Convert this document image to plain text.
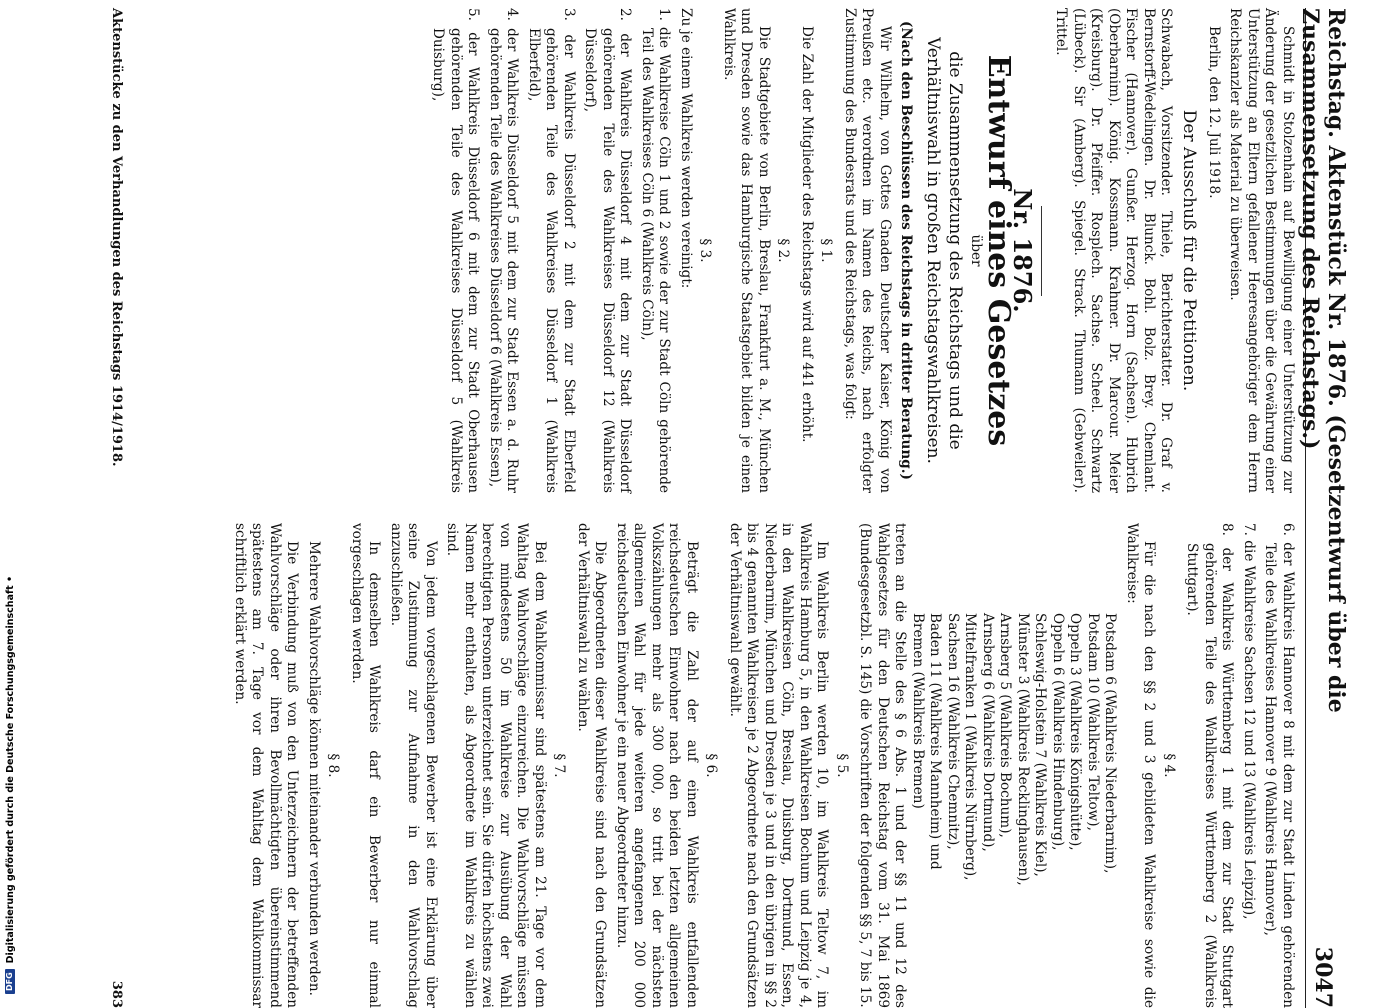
Reichstag. Aktenstück Nr. 1876. (Gesetzentwurf über die Zusammensetzung des Reichstags.)
3047

Schmidt in Stolzenhain auf Bewilligung einer Unterstützung zur Änderung der gesetzlichen Bestimmungen über die Gewährung einer Unterstützung an Eltern gefallener Heeresangehöriger dem Herrn Reichskanzler als Material zu überweisen.

Berlin, den 12. Juli 1918.

Der Ausschuß für die Petitionen.

Schwabach, Vorsitzender. Thiele, Berichterstatter. Dr. Graf v. Bernstorff-Wedelingen. Dr. Blunck. Bohl. Bolz. Brey. Chemlant. Fischer (Hannover). Gunßer. Herzog. Horn (Sachsen). Hubrich (Oberbarnim). König. Kossmann. Krahmer. Dr. Marcour. Meier (Kreisburg). Dr. Pfeiffer. Rosplech. Sachse. Scheel. Schwartz (Lübeck). Sir (Amberg). Spiegel. Strack. Thumann (Gebweiler). Trittel.

Nr. 1876.
Entwurf eines Gesetzes
über
die Zusammensetzung des Reichstags und die Verhältniswahl in großen Reichstagswahlkreisen.

(Nach den Beschlüssen des Reichstags in dritter Beratung.)

Wir Wilhelm, von Gottes Gnaden Deutscher Kaiser, König von Preußen etc. verordnen im Namen des Reichs, nach erfolgter Zustimmung des Bundesrats und des Reichstags, was folgt:

§ 1.

Die Zahl der Mitglieder des Reichstags wird auf 441 erhöht.

§ 2.

Die Stadtgebiete von Berlin, Breslau, Frankfurt a. M., München und Dresden sowie das Hamburgische Staatsgebiet bilden je einen Wahlkreis.

§ 3.

Zu je einem Wahlkreis werden vereinigt:

1. die Wahlkreise Cöln 1 und 2 sowie der zur Stadt Cöln gehörende Teil des Wahlkreises Cöln 6 (Wahlkreis Cöln),

2. der Wahlkreis Düsseldorf 4 mit dem zur Stadt Düsseldorf gehörenden Teile des Wahlkreises Düsseldorf 12 (Wahlkreis Düsseldorf),

3. der Wahlkreis Düsseldorf 2 mit dem zur Stadt Elberfeld gehörenden Teile des Wahlkreises Düsseldorf 1 (Wahlkreis Elberfeld),

4. der Wahlkreis Düsseldorf 5 mit dem zur Stadt Essen a. d. Ruhr gehörenden Teile des Wahlkreises Düsseldorf 6 (Wahlkreis Essen),

5. der Wahlkreis Düsseldorf 6 mit dem zur Stadt Oberhausen gehörenden Teile des Wahlkreises Düsseldorf 5 (Wahlkreis Duisburg),

6. der Wahlkreis Hannover 8 mit dem zur Stadt Linden gehörenden Teile des Wahlkreises Hannover 9 (Wahlkreis Hannover),

7. die Wahlkreise Sachsen 12 und 13 (Wahlkreis Leipzig),

8. der Wahlkreis Württemberg 1 mit dem zur Stadt Stuttgart gehörenden Teile des Wahlkreises Württemberg 2 (Wahlkreis Stuttgart).

§ 4.

Für die nach den §§ 2 und 3 gebildeten Wahlkreise sowie die Wahlkreise:

Potsdam 6 (Wahlkreis Niederbarnim),
Potsdam 10 (Wahlkreis Teltow),
Oppeln 3 (Wahlkreis Königshütte),
Oppeln 6 (Wahlkreis Hindenburg),
Schleswig-Holstein 7 (Wahlkreis Kiel),
Münster 3 (Wahlkreis Recklinghausen),
Arnsberg 5 (Wahlkreis Bochum),
Arnsberg 6 (Wahlkreis Dortmund),
Mittelfranken 1 (Wahlkreis Nürnberg),
Sachsen 16 (Wahlkreis Chemnitz),
Baden 11 (Wahlkreis Mannheim) und
Bremen (Wahlkreis Bremen)

treten an die Stelle des § 6 Abs. 1 und der §§ 11 und 12 des Wahlgesetzes für den Deutschen Reichstag vom 31. Mai 1869 (Bundesgesetzbl. S. 145) die Vorschriften der folgenden §§ 5, 7 bis 15.

§ 5.

Im Wahlkreis Berlin werden 10, im Wahlkreis Teltow 7, im Wahlkreis Hamburg 5, in den Wahlkreisen Bochum und Leipzig je 4, in den Wahlkreisen Cöln, Breslau, Duisburg, Dortmund, Essen, Niederbarnim, München und Dresden je 3 und in den übrigen in §§ 2 bis 4 genannten Wahlkreisen je 2 Abgeordnete nach den Grundsätzen der Verhältniswahl gewählt.

§ 6.

Beträgt die Zahl der auf einen Wahlkreis entfallenden reichsdeutschen Einwohner nach den beiden letzten allgemeinen Volkszählungen mehr als 300 000, so tritt bei der nächsten allgemeinen Wahl für jede weiteren angefangenen 200 000 reichsdeutschen Einwohner je ein neuer Abgeordneter hinzu.

Die Abgeordneten dieser Wahlkreise sind nach den Grundsätzen der Verhältniswahl zu wählen.

§ 7.

Bei dem Wahlkommissar sind spätestens am 21. Tage vor dem Wahltag Wahlvorschläge einzureichen. Die Wahlvorschläge müssen von mindestens 50 im Wahlkreise zur Ausübung der Wahl berechtigten Personen unterzeichnet sein. Sie dürfen höchstens zwei Namen mehr enthalten, als Abgeordnete im Wahlkreis zu wählen sind.

Von jedem vorgeschlagenen Bewerber ist eine Erklärung über seine Zustimmung zur Aufnahme in den Wahlvorschlag anzuschließen.

In demselben Wahlkreis darf ein Bewerber nur einmal vorgeschlagen werden.

§ 8.

Mehrere Wahlvorschläge können miteinander verbunden werden.

Die Verbindung muß von den Unterzeichnern der betreffenden Wahlvorschläge oder ihren Bevollmächtigten übereinstimmend spätestens am 7. Tage vor dem Wahltag dem Wahlkommissar schriftlich erklärt werden.

Aktenstücke zu den Verhandlungen des Reichstags 1914/1918.
383
DFG
Digitalisierung gefördert durch die Deutsche Forschungsgemeinschaft •
